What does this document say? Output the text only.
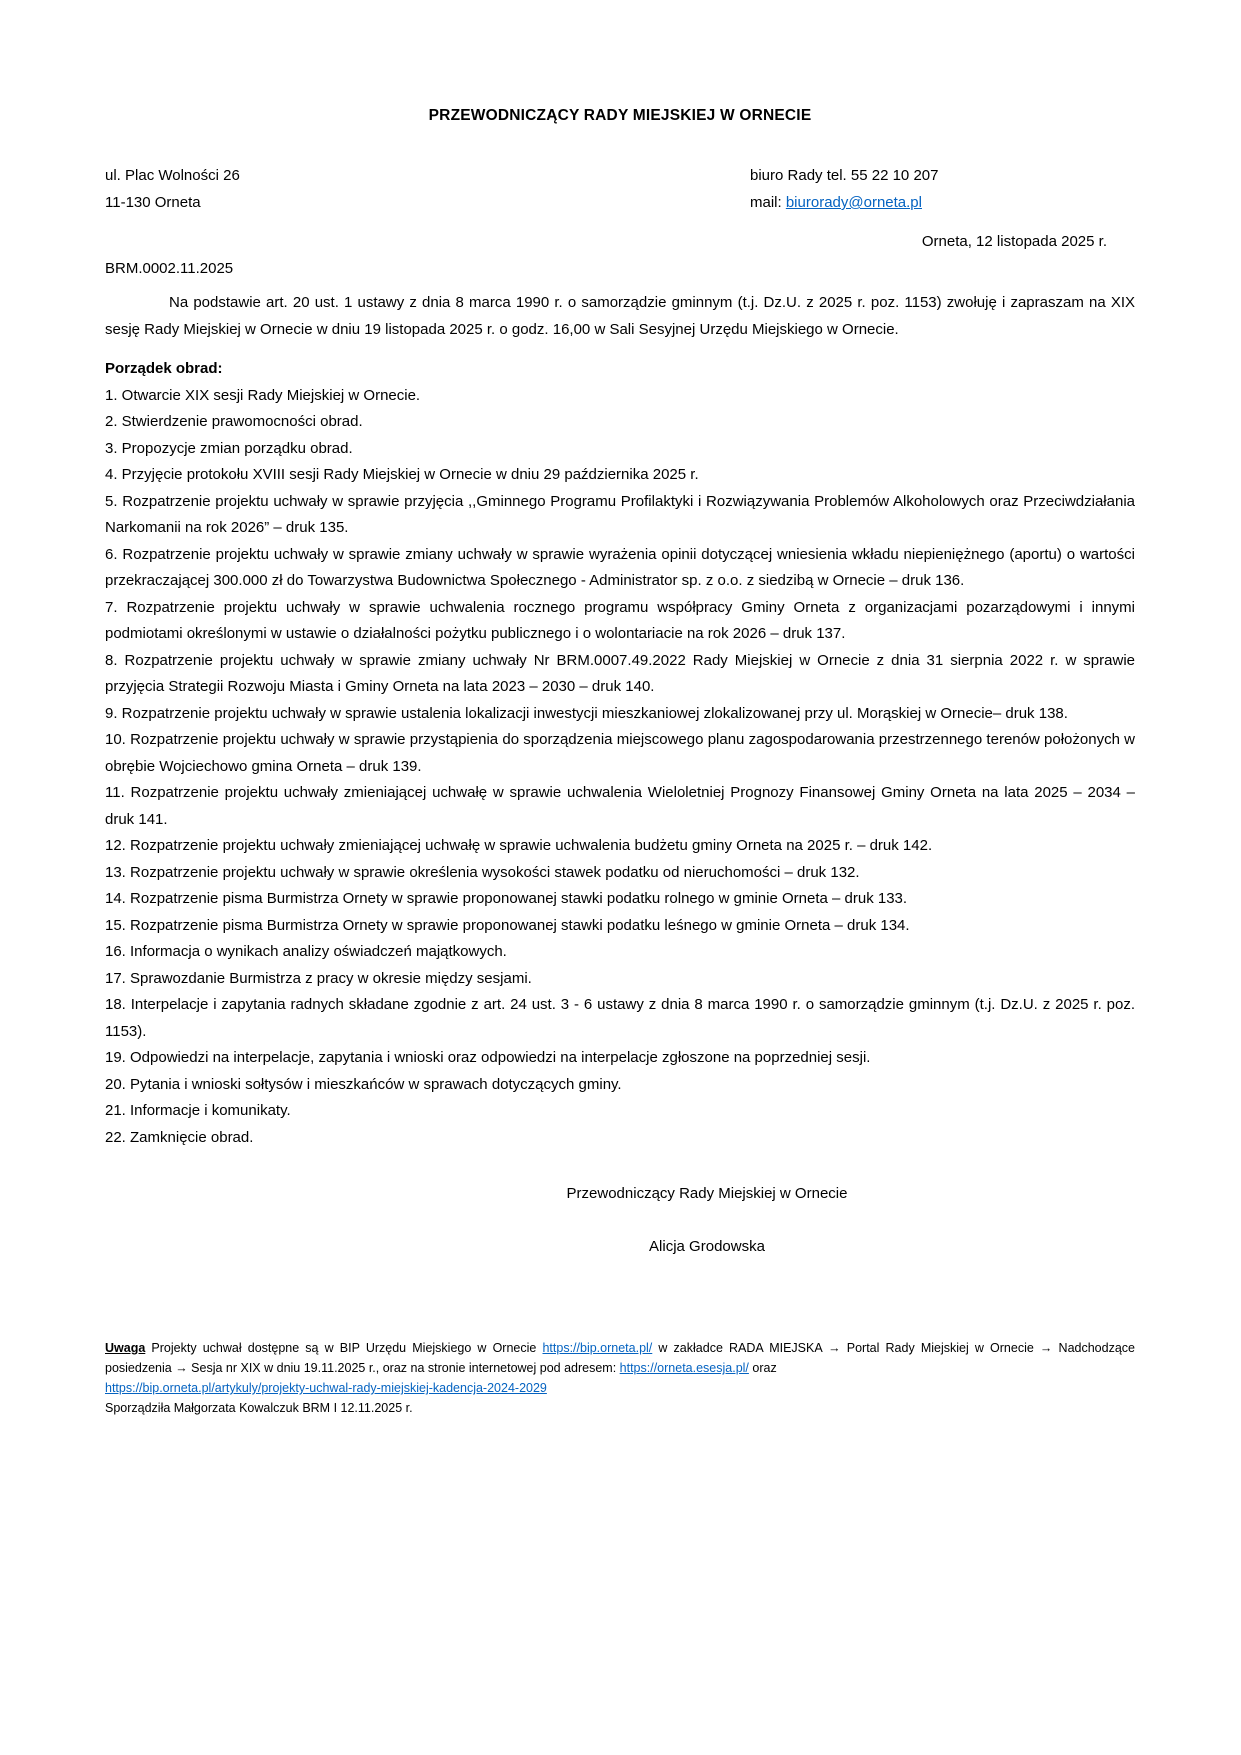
PRZEWODNICZĄCY RADY MIEJSKIEJ W ORNECIE
ul. Plac Wolności 26
11-130 Orneta
biuro Rady tel. 55 22 10 207
mail: biurorady@orneta.pl
Orneta, 12 listopada 2025 r.
BRM.0002.11.2025

Na podstawie art. 20 ust. 1 ustawy z dnia 8 marca 1990 r. o samorządzie gminnym (t.j. Dz.U. z 2025 r. poz. 1153) zwołuję i zapraszam na XIX sesję Rady Miejskiej w Ornecie w dniu 19 listopada 2025 r. o godz. 16,00 w Sali Sesyjnej Urzędu Miejskiego w Ornecie.

Porządek obrad:

1. Otwarcie XIX sesji Rady Miejskiej w Ornecie.

2. Stwierdzenie prawomocności obrad.

3. Propozycje zmian porządku obrad.

4. Przyjęcie protokołu XVIII sesji Rady Miejskiej w Ornecie w dniu 29 października 2025 r.

5. Rozpatrzenie projektu uchwały w sprawie przyjęcia ,,Gminnego Programu Profilaktyki i Rozwiązywania Problemów Alkoholowych oraz Przeciwdziałania Narkomanii na rok 2026” – druk 135.

6. Rozpatrzenie projektu uchwały w sprawie zmiany uchwały w sprawie wyrażenia opinii dotyczącej wniesienia wkładu niepieniężnego (aportu) o wartości przekraczającej 300.000 zł do Towarzystwa Budownictwa Społecznego - Administrator sp. z o.o. z siedzibą w Ornecie – druk 136.

7. Rozpatrzenie projektu uchwały w sprawie uchwalenia rocznego programu współpracy Gminy Orneta z organizacjami pozarządowymi i innymi podmiotami określonymi w ustawie o działalności pożytku publicznego i o wolontariacie na rok 2026 – druk 137.

8. Rozpatrzenie projektu uchwały w sprawie zmiany uchwały Nr BRM.0007.49.2022 Rady Miejskiej w Ornecie z dnia 31 sierpnia 2022 r. w sprawie przyjęcia Strategii Rozwoju Miasta i Gminy Orneta na lata 2023 – 2030 – druk 140.

9. Rozpatrzenie projektu uchwały w sprawie ustalenia lokalizacji inwestycji mieszkaniowej zlokalizowanej przy ul. Morąskiej w Ornecie– druk 138.

10. Rozpatrzenie projektu uchwały w sprawie przystąpienia do sporządzenia miejscowego planu zagospodarowania przestrzennego terenów położonych w obrębie Wojciechowo gmina Orneta – druk 139.

11. Rozpatrzenie projektu uchwały zmieniającej uchwałę w sprawie uchwalenia Wieloletniej Prognozy Finansowej Gminy Orneta na lata 2025 – 2034 – druk 141.

12. Rozpatrzenie projektu uchwały zmieniającej uchwałę w sprawie uchwalenia budżetu gminy Orneta na 2025 r. – druk 142.

13. Rozpatrzenie projektu uchwały w sprawie określenia wysokości stawek podatku od nieruchomości – druk 132.

14. Rozpatrzenie pisma Burmistrza Ornety w sprawie proponowanej stawki podatku rolnego w gminie Orneta – druk 133.

15. Rozpatrzenie pisma Burmistrza Ornety w sprawie proponowanej stawki podatku leśnego w gminie Orneta – druk 134.

16. Informacja o wynikach analizy oświadczeń majątkowych.

17. Sprawozdanie Burmistrza z pracy w okresie między sesjami.

18. Interpelacje i zapytania radnych składane zgodnie z art. 24 ust. 3 - 6 ustawy z dnia 8 marca 1990 r. o samorządzie gminnym (t.j. Dz.U. z 2025 r. poz. 1153).

19. Odpowiedzi na interpelacje, zapytania i wnioski oraz odpowiedzi na interpelacje zgłoszone na poprzedniej sesji.

20. Pytania i wnioski sołtysów i mieszkańców w sprawach dotyczących gminy.

21. Informacje i komunikaty.

22. Zamknięcie obrad.

Przewodniczący Rady Miejskiej w Ornecie
Alicja Grodowska

Uwaga Projekty uchwał dostępne są w BIP Urzędu Miejskiego w Ornecie https://bip.orneta.pl/ w zakładce RADA MIEJSKA → Portal Rady Miejskiej w Ornecie → Nadchodzące posiedzenia → Sesja nr XIX w dniu 19.11.2025 r., oraz na stronie internetowej pod adresem: https://orneta.esesja.pl/ oraz

https://bip.orneta.pl/artykuly/projekty-uchwal-rady-miejskiej-kadencja-2024-2029
Sporządziła Małgorzata Kowalczuk BRM I 12.11.2025 r.
